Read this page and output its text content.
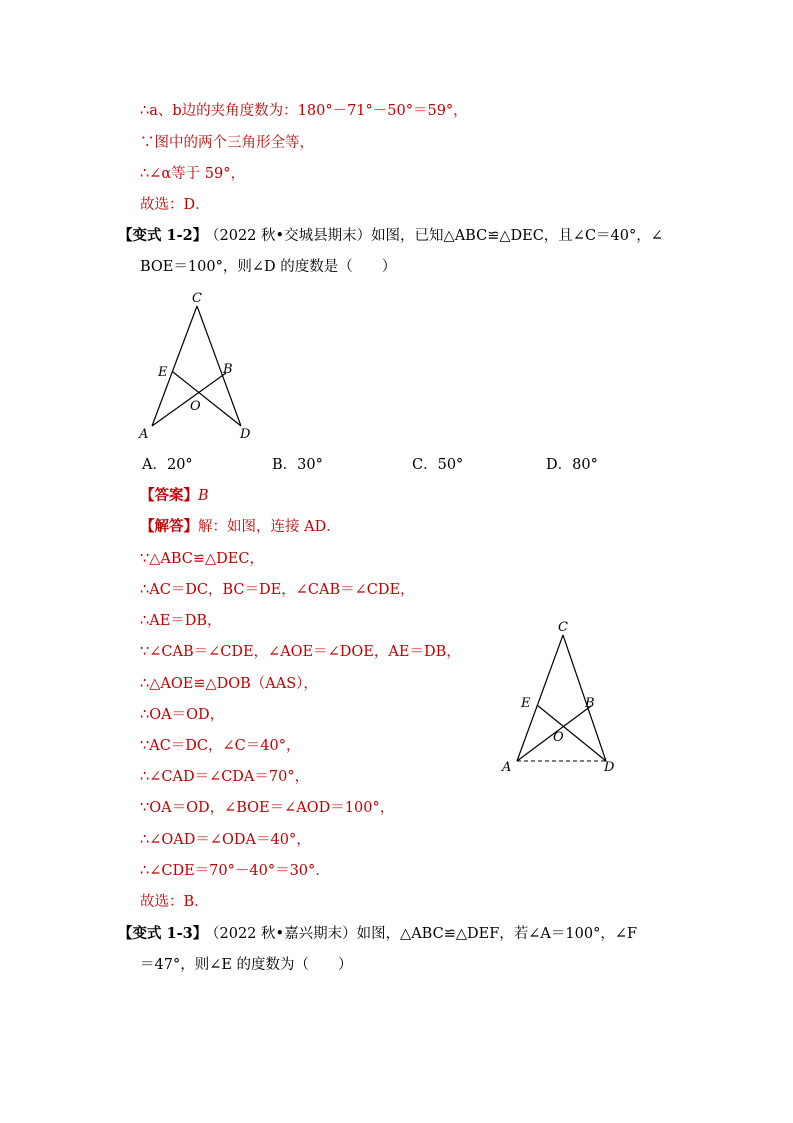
∴a、b边的夹角度数为：180°－71°－50°＝59°，
∵图中的两个三角形全等，
∴∠α等于 59°，
故选：D．
【变式 1-2】
（2022 秋•交城县期末）如图，已知△ABC≌△DEC，且∠C＝40°，∠
BOE＝100°，则∠D 的度数是（　　）
C
E	B
O
A	D
A．20°	B．30°	C．50°	D．80°
【答案】B
【解答】解：如图，连接 AD．
∵△ABC≌△DEC，
∴AC＝DC，BC＝DE，∠CAB＝∠CDE，
∴AE＝DB，
∵∠CAB＝∠CDE，∠AOE＝∠DOE，AE＝DB，
∴△AOE≌△DOB（AAS），
∴OA＝OD，
∵AC＝DC，∠C＝40°，
∴∠CAD＝∠CDA＝70°，
∵OA＝OD，∠BOE＝∠AOD＝100°，
∴∠OAD＝∠ODA＝40°，
∴∠CDE＝70°－40°＝30°．
故选：B．
C
E	B
O
A	D
【变式 1-3】
（2022 秋•嘉兴期末）如图，△ABC≌△DEF，若∠A＝100°，∠F
＝47°，则∠E 的度数为（　　）
